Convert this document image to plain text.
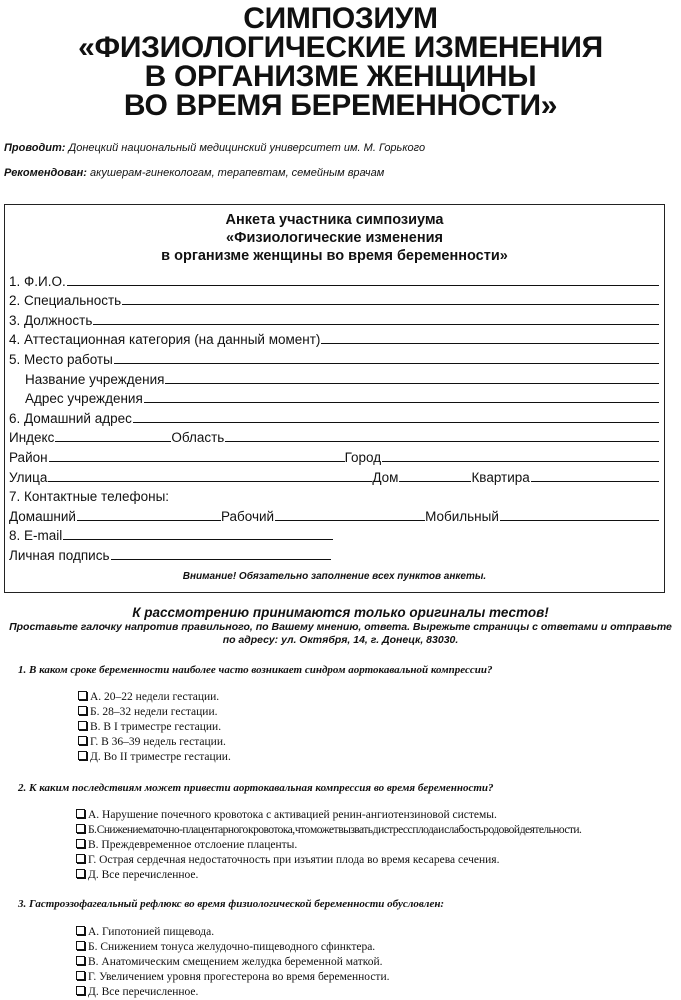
СИМПОЗИУМ
«ФИЗИОЛОГИЧЕСКИЕ ИЗМЕНЕНИЯ
В ОРГАНИЗМЕ ЖЕНЩИНЫ
ВО ВРЕМЯ БЕРЕМЕННОСТИ»
Проводит: Донецкий национальный медицинский университет им. М. Горького
Рекомендован: акушерам-гинекологам, терапевтам, семейным врачам
Анкета участника симпозиума
«Физиологические изменения
в организме женщины во время беременности»
1. Ф.И.О.
2. Специальность
3. Должность
4. Аттестационная категория (на данный момент)
5. Место работы
Название учреждения
Адрес учреждения
6. Домашний адрес
Индекс	Область
Район	Город
Улица	Дом	Квартира
7. Контактные телефоны:
Домашний	Рабочий	Мобильный
8. E-mail
Личная подпись
Внимание! Обязательно заполнение всех пунктов анкеты.
К рассмотрению принимаются только оригиналы тестов!
Проставьте галочку напротив правильного, по Вашему мнению, ответа. Вырежьте страницы с ответами и отправьте
по адресу: ул. Октября, 14, г. Донецк, 83030.
1. В каком сроке беременности наиболее часто возникает синдром аортокавальной компрессии?
А. 20–22 недели гестации.
Б. 28–32 недели гестации.
В. В I триместре гестации.
Г. В 36–39 недель гестации.
Д. Во II триместре гестации.
2. К каким последствиям может привести аортокавальная компрессия во время беременности?
А. Нарушение почечного кровотока с активацией ренин-ангиотензиновой системы.
Б. Снижение маточно-плацентарного кровотока, что может вызвать дистресс плода и слабость родовой деятельности.
В. Преждевременное отслоение плаценты.
Г. Острая сердечная недостаточность при изъятии плода во время кесарева сечения.
Д. Все перечисленное.
3. Гастроэзофагеальный рефлюкс во время физиологической беременности обусловлен:
А. Гипотонией пищевода.
Б. Снижением тонуса желудочно-пищеводного сфинктера.
В. Анатомическим смещением желудка беременной маткой.
Г. Увеличением уровня прогестерона во время беременности.
Д. Все перечисленное.
